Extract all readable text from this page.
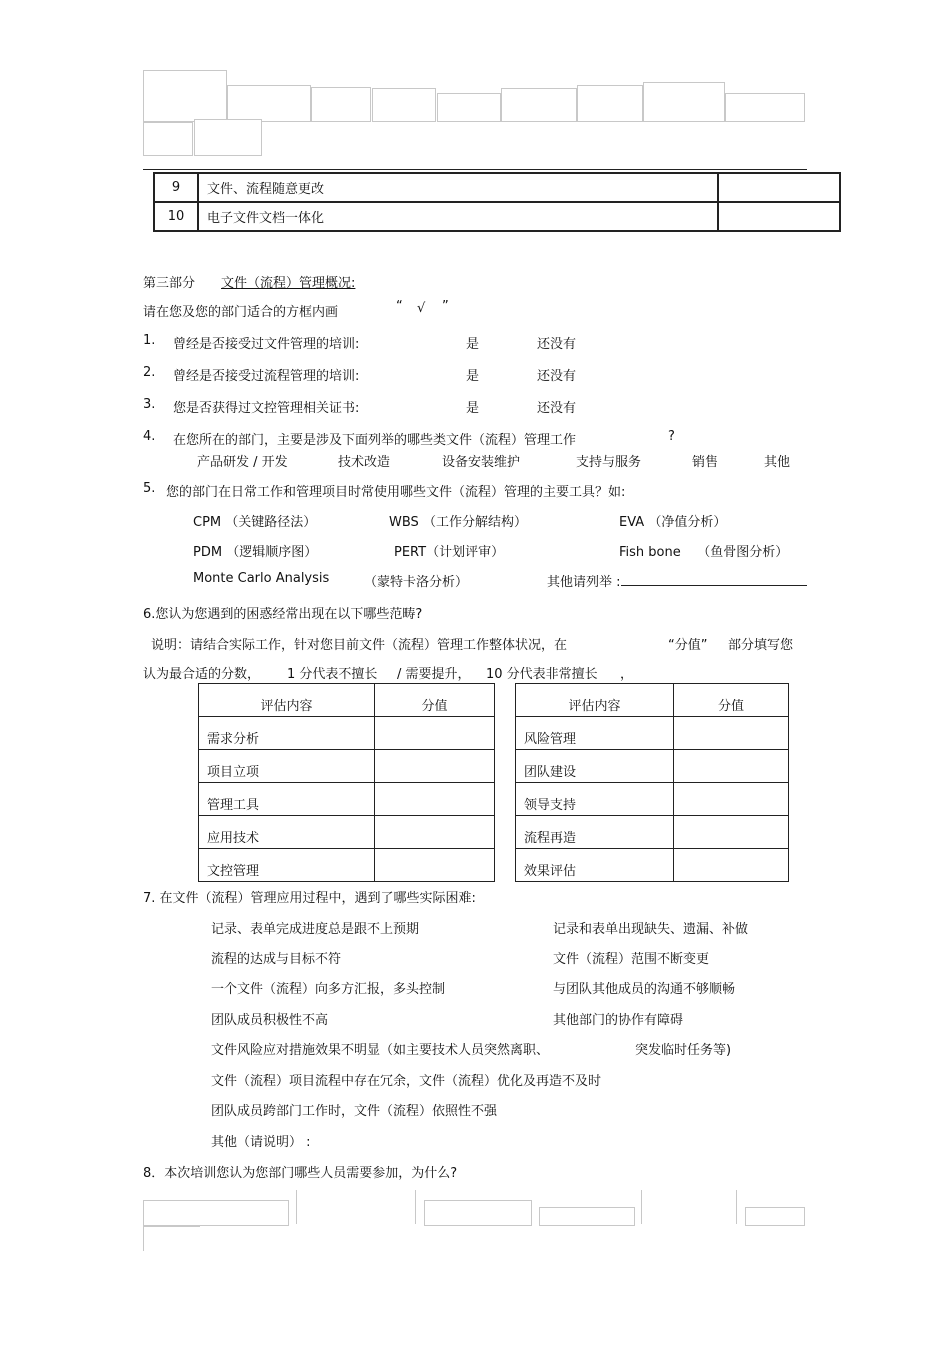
9	文件、流程随意更改	
10	电子文件文档一体化	
第三部分 文件（流程）管理概况:
请在您及您的部门适合的方框内画	“ √ ”
1. 曾经是否接受过文件管理的培训:	是	还没有
2. 曾经是否接受过流程管理的培训:	是	还没有
3. 您是否获得过文控管理相关证书:	是	还没有
4. 在您所在的部门，主要是涉及下面列举的哪些类文件（流程）管理工作	?
产品研发 / 开发	技术改造	设备安装维护	支持与服务	销售	其他
5. 您的部门在日常工作和管理项目时常使用哪些文件（流程）管理的主要工具？如:
CPM （关键路径法）	WBS （工作分解结构）	EVA （净值分析）
PDM （逻辑顺序图）	PERT（计划评审）	Fish bone （鱼骨图分析）
Monte Carlo Analysis	（蒙特卡洛分析）	其他请列举 :
6.您认为您遇到的困惑经常出现在以下哪些范畴?
说明：请结合实际工作，针对您目前文件（流程）管理工作整体状况，在	“分值” 部分填写您
认为最合适的分数， 1 分代表不擅长 / 需要提升， 10 分代表非常擅长 ，
评估内容	分值
需求分析	
项目立项	
管理工具	
应用技术	
文控管理	
评估内容	分值
风险管理	
团队建设	
领导支持	
流程再造	
效果评估	
7. 在文件（流程）管理应用过程中，遇到了哪些实际困难:
记录、表单完成进度总是跟不上预期	记录和表单出现缺失、遗漏、补做
流程的达成与目标不符	文件（流程）范围不断变更
一个文件（流程）向多方汇报，多头控制	与团队其他成员的沟通不够顺畅
团队成员积极性不高	其他部门的协作有障碍
文件风险应对措施效果不明显（如主要技术人员突然离职、	突发临时任务等)
文件（流程）项目流程中存在冗余，文件（流程）优化及再造不及时
团队成员跨部门工作时，文件（流程）依照性不强
其他（请说明） :
8．本次培训您认为您部门哪些人员需要参加，为什么?
